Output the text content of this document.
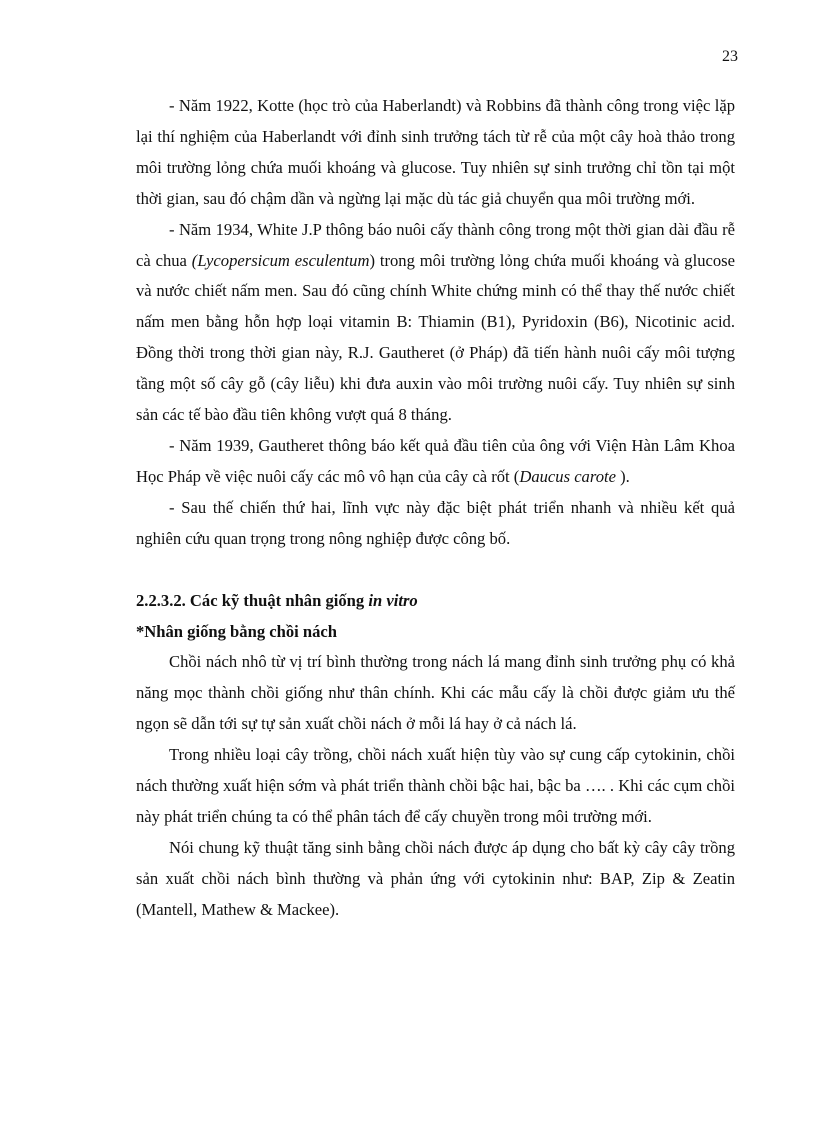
23

- Năm 1922, Kotte (học trò của Haberlandt) và Robbins đã thành công trong việc lặp lại thí nghiệm của Haberlandt với đỉnh sinh trưởng tách từ rễ của một cây hoà thảo trong môi trường lỏng chứa muối khoáng và glucose. Tuy nhiên sự sinh trưởng chỉ tồn tại một thời gian, sau đó chậm dần và ngừng lại mặc dù tác giả chuyển qua môi trường mới.

- Năm 1934, White J.P thông báo nuôi cấy thành công trong một thời gian dài đầu rễ cà chua (Lycopersicum esculentum) trong môi trường lỏng chứa muối khoáng và glucose và nước chiết nấm men. Sau đó cũng chính White chứng minh có thể thay thế nước chiết nấm men bằng hỗn hợp loại vitamin B: Thiamin (B1), Pyridoxin (B6), Nicotinic acid. Đồng thời trong thời gian này, R.J. Gautheret (ở Pháp) đã tiến hành nuôi cấy môi tượng tầng một số cây gỗ (cây liễu) khi đưa auxin vào môi trường nuôi cấy. Tuy nhiên sự sinh sản các tế bào đầu tiên không vượt quá 8 tháng.

- Năm 1939, Gautheret thông báo kết quả đầu tiên của ông với Viện Hàn Lâm Khoa Học Pháp về việc nuôi cấy các mô vô hạn của cây cà rốt (Daucus carote ).

- Sau thế chiến thứ hai, lĩnh vực này đặc biệt phát triển nhanh và nhiều kết quả nghiên cứu quan trọng trong nông nghiệp được công bố.

2.2.3.2. Các kỹ thuật nhân giống in vitro

*Nhân giống bằng chồi nách

Chồi nách nhô từ vị trí bình thường trong nách lá mang đỉnh sinh trưởng phụ có khả năng mọc thành chồi giống như thân chính. Khi các mẫu cấy là chồi được giảm ưu thế ngọn sẽ dẫn tới sự tự sản xuất chồi nách ở mỗi lá hay ở cả nách lá.

Trong nhiều loại cây trồng, chồi nách xuất hiện tùy vào sự cung cấp cytokinin, chồi nách thường xuất hiện sớm và phát triển thành chồi bậc hai, bậc ba …. . Khi các cụm chồi này phát triển chúng ta có thể phân tách để cấy chuyền trong môi trường mới.

Nói chung kỹ thuật tăng sinh bằng chồi nách được áp dụng cho bất kỳ cây cây trồng sản xuất chồi nách bình thường và phản ứng với cytokinin như: BAP, Zip & Zeatin (Mantell, Mathew & Mackee).
